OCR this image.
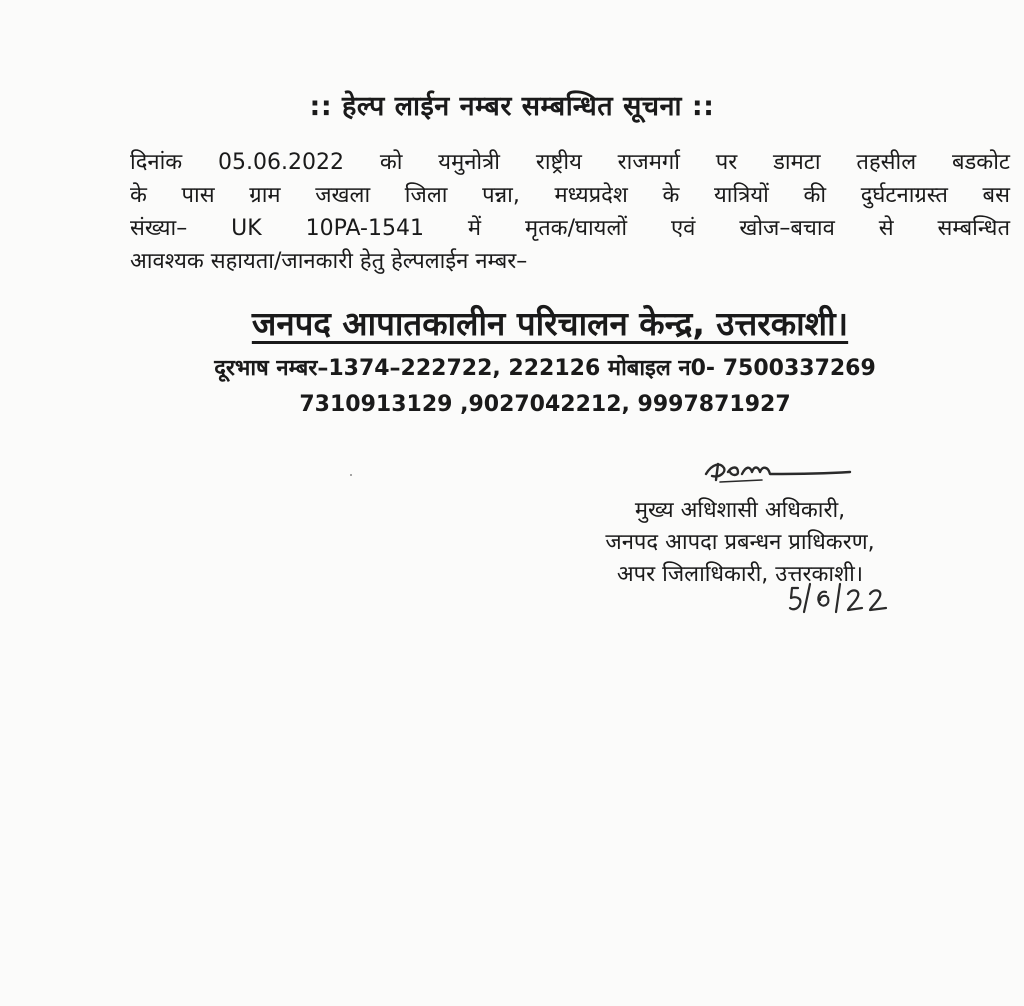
:: हेल्प लाईन नम्बर सम्बन्धित सूचना ::
दिनांक 05.06.2022 को यमुनोत्री राष्ट्रीय राजमर्गा पर डामटा तहसील बडकोट
के पास ग्राम जखला जिला पन्ना, मध्यप्रदेश के यात्रियों की दुर्घटनाग्रस्त बस
संख्या– UK 10PA-1541 में मृतक/घायलों एवं खोज–बचाव से सम्बन्धित
आवश्यक सहायता/जानकारी हेतु हेल्पलाईन नम्बर–
जनपद आपातकालीन परिचालन केन्द्र, उत्तरकाशी।
दूरभाष नम्बर–1374–222722, 222126 मोबाइल न0- 7500337269
7310913129 ,9027042212, 9997871927
मुख्य अधिशासी अधिकारी,
जनपद आपदा प्रबन्धन प्राधिकरण,
अपर जिलाधिकारी, उत्तरकाशी।
